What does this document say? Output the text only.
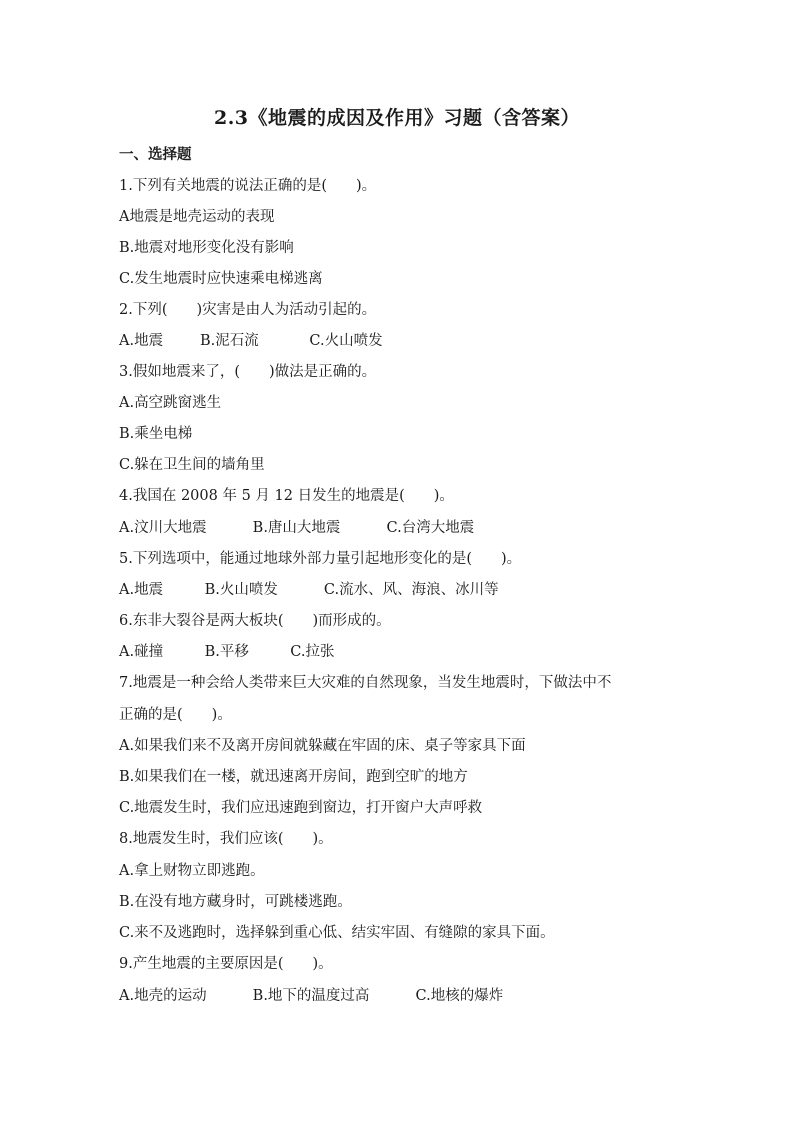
2.3《地震的成因及作用》习题（含答案）
一、选择题
1.下列有关地震的说法正确的是(　　)。
A地震是地壳运动的表现
B.地震对地形变化没有影响
C.发生地震时应快速乘电梯逃离
2.下列(　　)灾害是由人为活动引起的。
A.地震        B.泥石流           C.火山喷发
3.假如地震来了，(　　)做法是正确的。
A.高空跳窗逃生
B.乘坐电梯
C.躲在卫生间的墙角里
4.我国在 2008 年 5 月 12 日发生的地震是(　　)。
A.汶川大地震          B.唐山大地震          C.台湾大地震
5.下列选项中，能通过地球外部力量引起地形变化的是(　　)。
A.地震         B.火山喷发          C.流水、风、海浪、冰川等
6.东非大裂谷是两大板块(　　)而形成的。
A.碰撞         B.平移         C.拉张
7.地震是一种会给人类带来巨大灾难的自然现象，当发生地震时，下做法中不
正确的是(　　)。
A.如果我们来不及离开房间就躲藏在牢固的床、桌子等家具下面
B.如果我们在一楼，就迅速离开房间，跑到空旷的地方
C.地震发生时，我们应迅速跑到窗边，打开窗户大声呼救
8.地震发生时，我们应该(　　)。
A.拿上财物立即逃跑。
B.在没有地方藏身时，可跳楼逃跑。
C.来不及逃跑时，选择躲到重心低、结实牢固、有缝隙的家具下面。
9.产生地震的主要原因是(　　)。
A.地壳的运动          B.地下的温度过高          C.地核的爆炸
